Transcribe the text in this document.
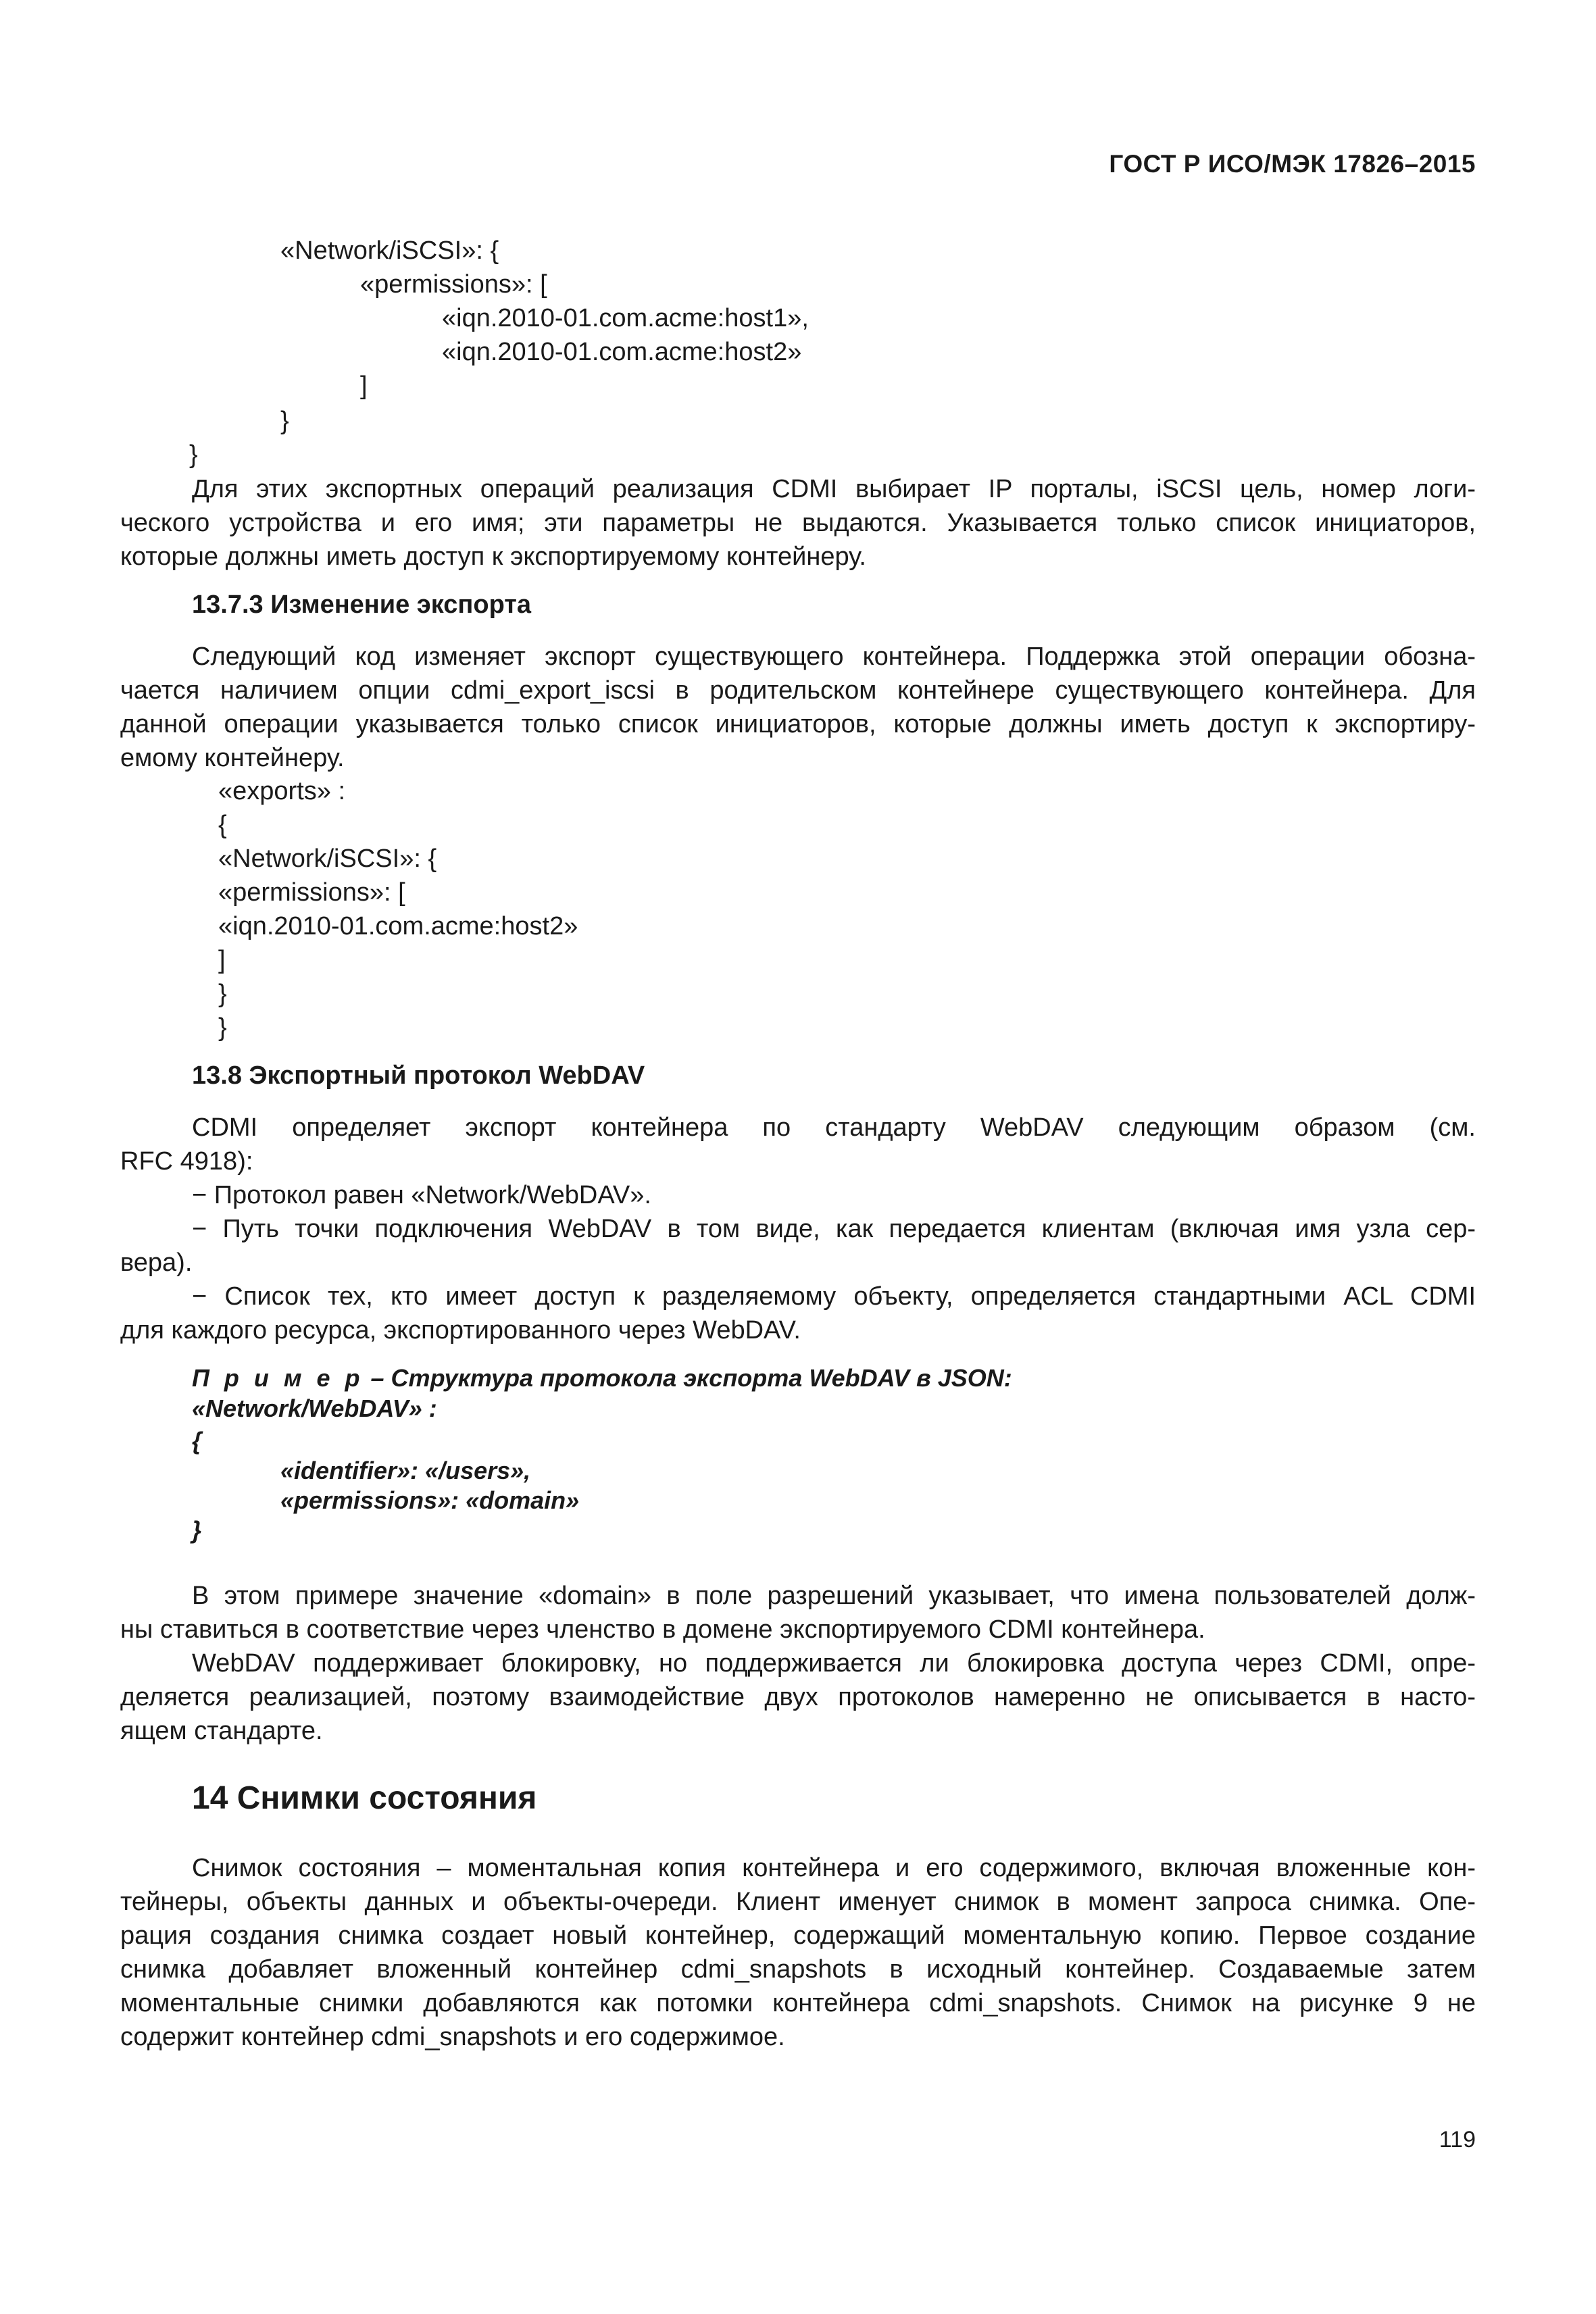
ГОСТ Р ИСО/МЭК 17826–2015
«Network/iSCSI»: {
«permissions»: [
«iqn.2010-01.com.acme:host1»,
«iqn.2010-01.com.acme:host2»
]
}
}
Для этих экспортных операций реализация CDMI выбирает IP порталы, iSCSI цель, номер логи-
ческого устройства и его имя; эти параметры не выдаются. Указывается только список инициаторов,
которые должны иметь доступ к экспортируемому контейнеру.
13.7.3 Изменение экспорта
Следующий код изменяет экспорт существующего контейнера. Поддержка этой операции обозна-
чается наличием опции cdmi_export_iscsi в родительском контейнере существующего контейнера. Для
данной операции указывается только список инициаторов, которые должны иметь доступ к экспортиру-
емому контейнеру.
«exports» :
{
«Network/iSCSI»: {
«permissions»: [
«iqn.2010-01.com.acme:host2»
]
}
}
13.8 Экспортный протокол WebDAV
CDMI определяет экспорт контейнера по стандарту WebDAV следующим образом (см.
RFC 4918):
− Протокол равен «Network/WebDAV».
− Путь точки подключения WebDAV в том виде, как передается клиентам (включая имя узла сер-
вера).
− Список тех, кто имеет доступ к разделяемому объекту, определяется стандартными ACL CDMI
для каждого ресурса, экспортированного через WebDAV.
П р и м е р – Структура протокола экспорта WebDAV в JSON:
«Network/WebDAV» :
{
«identifier»: «/users»,
«permissions»: «domain»
}
В этом примере значение «domain» в поле разрешений указывает, что имена пользователей долж-
ны ставиться в соответствие через членство в домене экспортируемого CDMI контейнера.
WebDAV поддерживает блокировку, но поддерживается ли блокировка доступа через CDMI, опре-
деляется реализацией, поэтому взаимодействие двух протоколов намеренно не описывается в насто-
ящем стандарте.
14 Снимки состояния
Снимок состояния – моментальная копия контейнера и его содержимого, включая вложенные кон-
тейнеры, объекты данных и объекты-очереди. Клиент именует снимок в момент запроса снимка. Опе-
рация создания снимка создает новый контейнер, содержащий моментальную копию. Первое создание
снимка добавляет вложенный контейнер cdmi_snapshots в исходный контейнер. Создаваемые затем
моментальные снимки добавляются как потомки контейнера cdmi_snapshots. Снимок на рисунке 9 не
содержит контейнер cdmi_snapshots и его содержимое.
119
